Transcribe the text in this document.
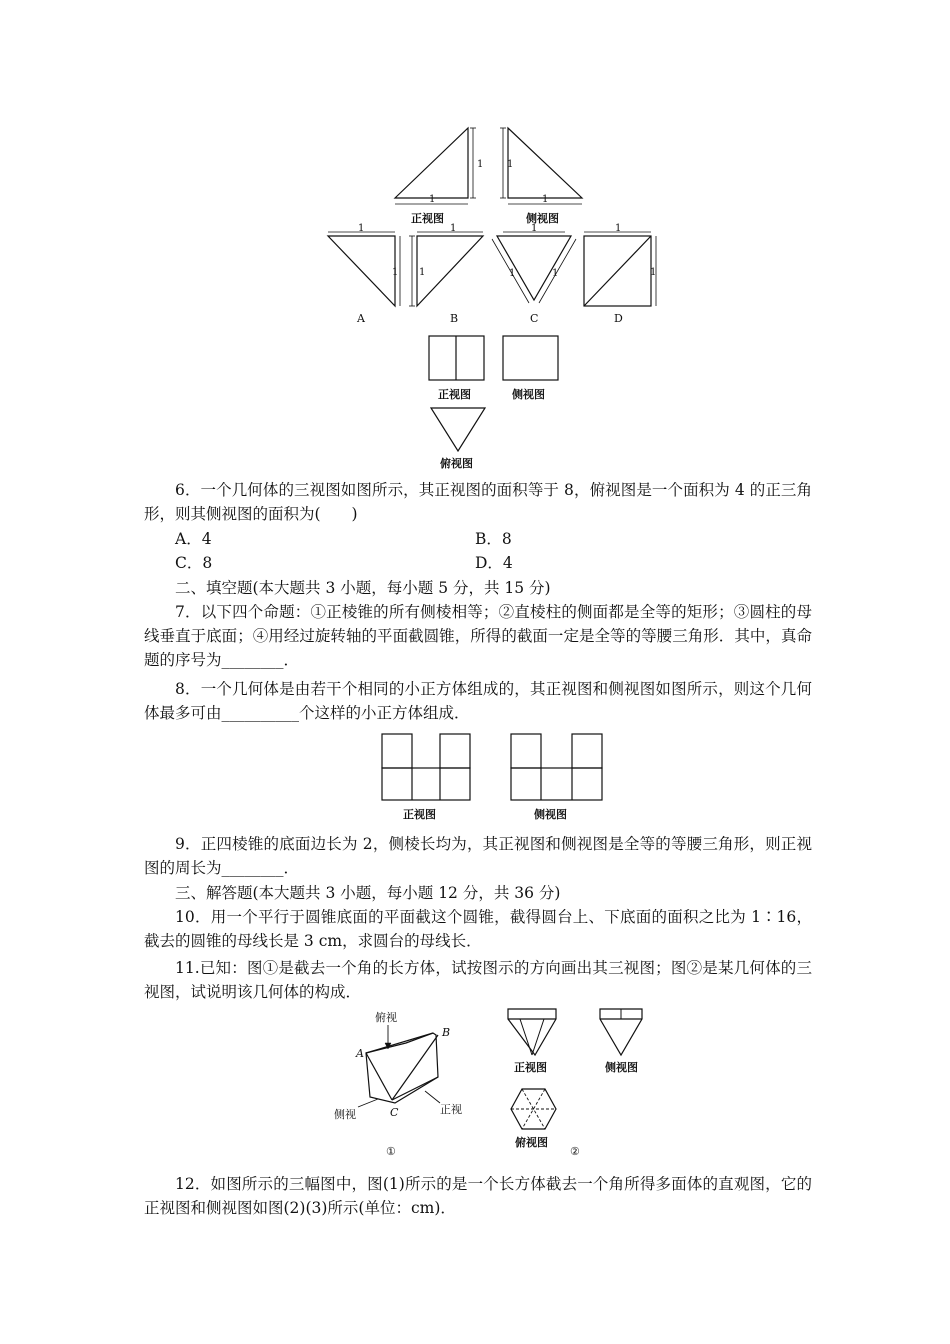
1
1
正视图
1
1
侧视图
1
1
A
1
1
B
1
1	1
C
1
1
D
正视图	侧视图
俯视图

6．一个几何体的三视图如图所示，其正视图的面积等于 8，俯视图是一个面积为 4 的正三角形，则其侧视图的面积为(　　)

A．4	B．8
C．8	D．4

二、填空题(本大题共 3 小题，每小题 5 分，共 15 分)

7．以下四个命题：①正棱锥的所有侧棱相等；②直棱柱的侧面都是全等的矩形；③圆柱的母线垂直于底面；④用经过旋转轴的平面截圆锥，所得的截面一定是全等的等腰三角形．其中，真命题的序号为________．

8．一个几何体是由若干个相同的小正方体组成的，其正视图和侧视图如图所示，则这个几何体最多可由__________个这样的小正方体组成．

正视图	侧视图

9．正四棱锥的底面边长为 2，侧棱长均为，其正视图和侧视图是全等的等腰三角形，则正视图的周长为________．

三、解答题(本大题共 3 小题，每小题 12 分，共 36 分)

10．用一个平行于圆锥底面的平面截这个圆锥，截得圆台上、下底面的面积之比为 1∶16，截去的圆锥的母线长是 3 cm，求圆台的母线长．

11.已知：图①是截去一个角的长方体，试按图示的方向画出其三视图；图②是某几何体的三视图，试说明该几何体的构成．

俯视
A
B
C
侧视	正视
①
正视图	侧视图
俯视图
②

12．如图所示的三幅图中，图(1)所示的是一个长方体截去一个角所得多面体的直观图，它的正视图和侧视图如图(2)(3)所示(单位：cm)．
